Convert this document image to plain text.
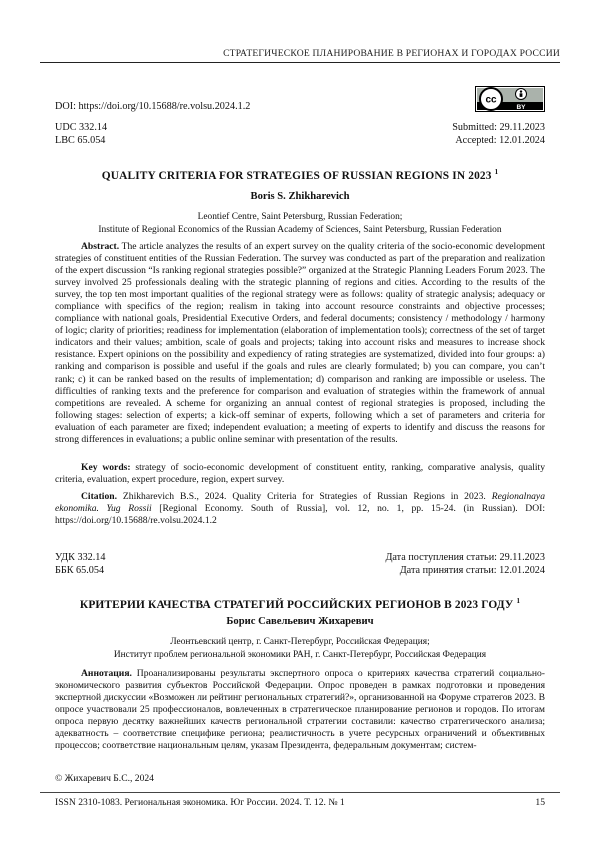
СТРАТЕГИЧЕСКОЕ ПЛАНИРОВАНИЕ В РЕГИОНАХ И ГОРОДАХ РОССИИ
DOI: https://doi.org/10.15688/re.volsu.2024.1.2
cc
BY
UDC 332.14
LBC 65.054
Submitted: 29.11.2023
Accepted: 12.01.2024
QUALITY CRITERIA FOR STRATEGIES OF RUSSIAN REGIONS IN 2023 $^1$
Boris S. Zhikharevich
Leontief Centre, Saint Petersburg, Russian Federation;
Institute of Regional Economics of the Russian Academy of Sciences, Saint Petersburg, Russian Federation
Abstract. The article analyzes the results of an expert survey on the quality criteria of the socio-economic development strategies of constituent entities of the Russian Federation. The survey was conducted as part of the preparation and realization of the expert discussion “Is ranking regional strategies possible?” organized at the Strategic Planning Leaders Forum 2023. The survey involved 25 professionals dealing with the strategic planning of regions and cities. According to the results of the survey, the top ten most important qualities of the regional strategy were as follows: quality of strategic analysis; adequacy or compliance with specifics of the region; realism in taking into account resource constraints and objective processes; compliance with national goals, Presidential Executive Orders, and federal documents; consistency / methodology / harmony of logic; clarity of priorities; readiness for implementation (elaboration of implementation tools); correctness of the set of target indicators and their values; ambition, scale of goals and projects; taking into account risks and measures to increase shock resistance. Expert opinions on the possibility and expediency of rating strategies are systematized, divided into four groups: a) ranking and comparison is possible and useful if the goals and rules are clearly formulated; b) you can compare, you can’t rank; c) it can be ranked based on the results of implementation; d) comparison and ranking are impossible or useless. The difficulties of ranking texts and the preference for comparison and evaluation of strategies within the framework of annual competitions are revealed. A scheme for organizing an annual contest of regional strategies is proposed, including the following stages: selection of experts; a kick-off seminar of experts, following which a set of parameters and criteria for evaluation of each parameter are fixed; independent evaluation; a meeting of experts to identify and discuss the reasons for strong differences in evaluations; a public online seminar with presentation of the results.
Key words: strategy of socio-economic development of constituent entity, ranking, comparative analysis, quality criteria, evaluation, expert procedure, region, expert survey.
Citation. Zhikharevich B.S., 2024. Quality Criteria for Strategies of Russian Regions in 2023. Regionalnaya ekonomika. Yug Rossii [Regional Economy. South of Russia], vol. 12, no. 1, pp. 15-24. (in Russian). DOI: https://doi.org/10.15688/re.volsu.2024.1.2
УДК 332.14
ББК 65.054
Дата поступления статьи: 29.11.2023
Дата принятия статьи: 12.01.2024
КРИТЕРИИ КАЧЕСТВА СТРАТЕГИЙ РОССИЙСКИХ РЕГИОНОВ В 2023 ГОДУ $^1$
Борис Савельевич Жихаревич
Леонтьевский центр, г. Санкт-Петербург, Российская Федерация;
Институт проблем региональной экономики РАН, г. Санкт-Петербург, Российская Федерация
Аннотация. Проанализированы результаты экспертного опроса о критериях качества стратегий социально-экономического развития субъектов Российской Федерации. Опрос проведен в рамках подготовки и проведения экспертной дискуссии «Возможен ли рейтинг региональных стратегий?», организованной на Форуме стратегов 2023. В опросе участвовали 25 профессионалов, вовлеченных в стратегическое планирование регионов и городов. По итогам опроса первую десятку важнейших качеств региональной стратегии составили: качество стратегического анализа; адекватность – соответствие специфике региона; реалистичность в учете ресурсных ограничений и объективных процессов; соответствие национальным целям, указам Президента, федеральным документам; систем-
© Жихаревич Б.С., 2024
ISSN 2310-1083. Региональная экономика. Юг России. 2024. Т. 12. № 1	15
